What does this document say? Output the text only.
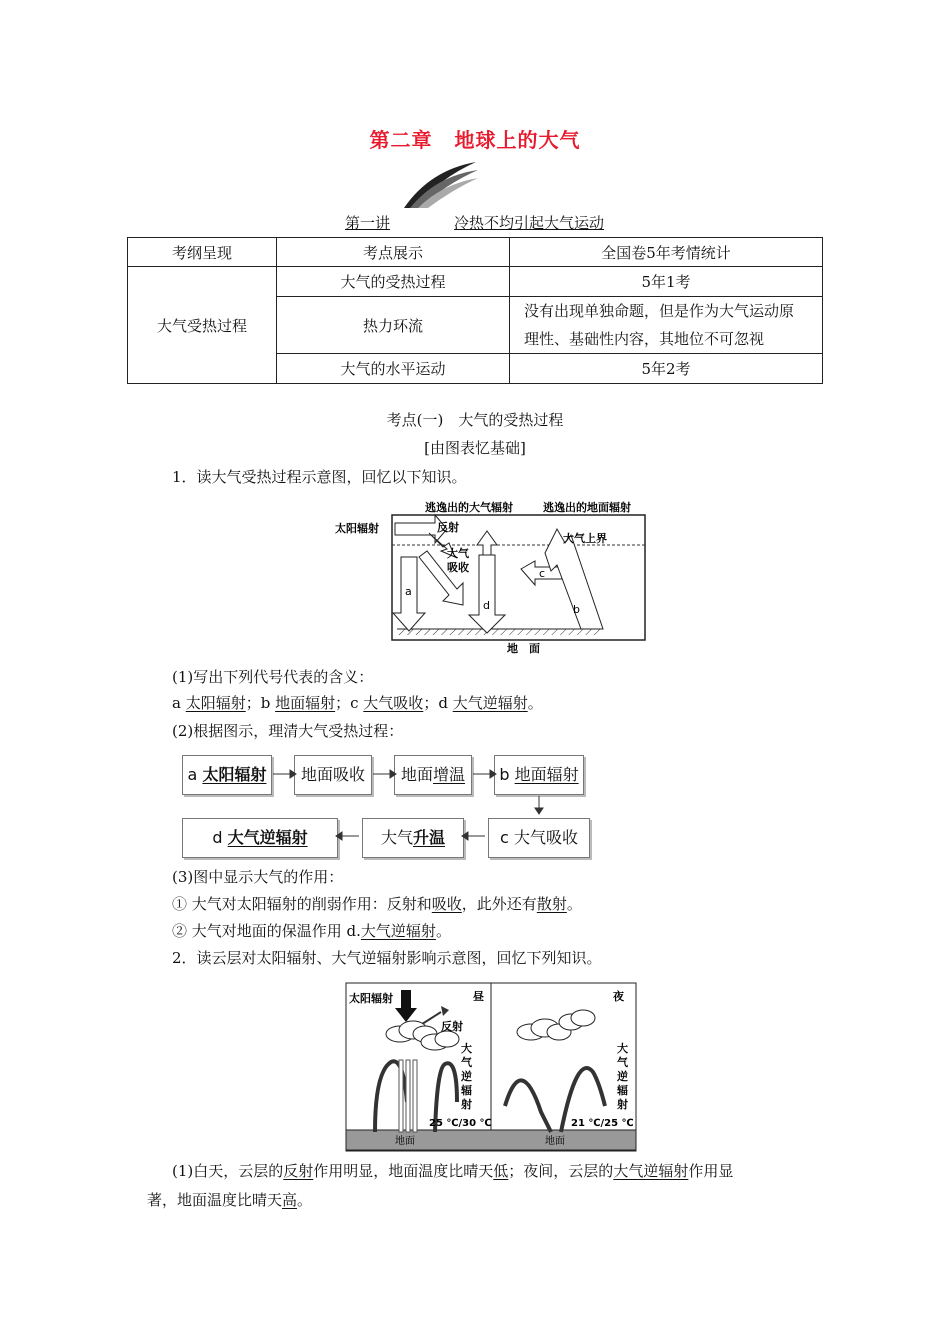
第二章 地球上的大气
第一讲	冷热不均引起大气运动
考纲呈现	考点展示	全国卷5年考情统计
大气受热过程	大气的受热过程	5年1考
	热力环流	没有出现单独命题，但是作为大气运动原理性、基础性内容，其地位不可忽视
	大气的水平运动	5年2考
考点(一)　大气的受热过程
[由图表忆基础]
1．读大气受热过程示意图，回忆以下知识。
太阳辐射	反射
大气
吸收
逃逸出的大气辐射	逃逸出的地面辐射
大气上界
地　面
a
b
c
d
(1)写出下列代号代表的含义：
a 太阳辐射；b 地面辐射；c 大气吸收；d 大气逆辐射。
(2)根据图示，理清大气受热过程：
a 太阳辐射	地面吸收	地面增温	b 地面辐射
c 大气吸收
大气升温
d 大气逆辐射
(3)图中显示大气的作用：
① 大气对太阳辐射的削弱作用：反射和吸收，此外还有散射。
② 大气对地面的保温作用 d.大气逆辐射。
2．读云层对太阳辐射、大气逆辐射影响示意图，回忆下列知识。
太阳辐射
反射
昼	夜
大
气
逆
辐
射
大
气
逆
辐
射
25 ℃/30 ℃	21 ℃/25 ℃
地面	地面
(1)白天，云层的反射作用明显，地面温度比晴天低；夜间，云层的大气逆辐射作用显
著，地面温度比晴天高。
